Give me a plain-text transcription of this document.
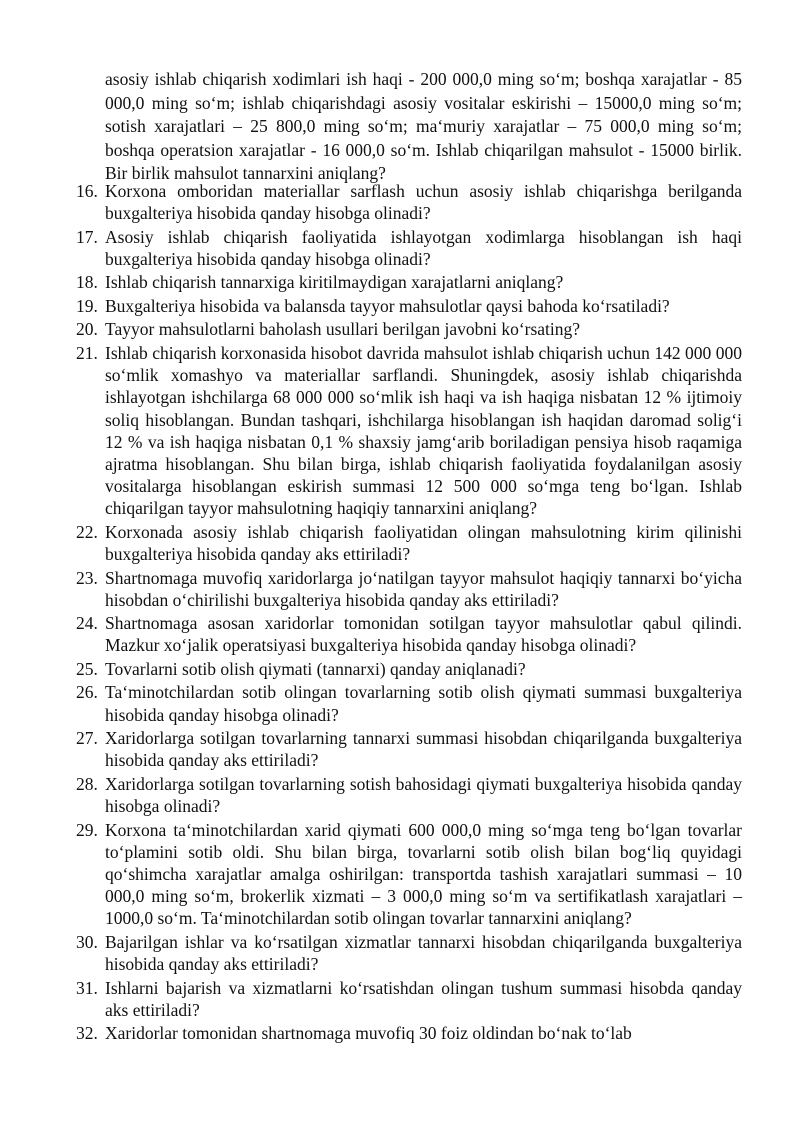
asosiy ishlab chiqarish xodimlari ish haqi - 200 000,0 ming so‘m; boshqa xarajatlar - 85 000,0 ming so‘m; ishlab chiqarishdagi asosiy vositalar eskirishi – 15000,0 ming so‘m; sotish xarajatlari – 25 800,0 ming so‘m; ma‘muriy xarajatlar – 75 000,0 ming so‘m; boshqa operatsion xarajatlar - 16 000,0 so‘m. Ishlab chiqarilgan mahsulot - 15000 birlik. Bir birlik mahsulot tannarxini aniqlang?

16. Korxona omboridan materiallar sarflash uchun asosiy ishlab chiqarishga berilganda buxgalteriya hisobida qanday hisobga olinadi?
17. Asosiy ishlab chiqarish faoliyatida ishlayotgan xodimlarga hisoblangan ish haqi buxgalteriya hisobida qanday hisobga olinadi?
18. Ishlab chiqarish tannarxiga kiritilmaydigan xarajatlarni aniqlang?
19. Buxgalteriya hisobida va balansda tayyor mahsulotlar qaysi bahoda ko‘rsatiladi?
20. Tayyor mahsulotlarni baholash usullari berilgan javobni ko‘rsating?
21. Ishlab chiqarish korxonasida hisobot davrida mahsulot ishlab chiqarish uchun 142 000 000 so‘mlik xomashyo va materiallar sarflandi. Shuningdek, asosiy ishlab chiqarishda ishlayotgan ishchilarga 68 000 000 so‘mlik ish haqi va ish haqiga nisbatan 12 % ijtimoiy soliq hisoblangan. Bundan tashqari, ishchilarga hisoblangan ish haqidan daromad solig‘i 12 % va ish haqiga nisbatan 0,1 % shaxsiy jamg‘arib boriladigan pensiya hisob raqamiga ajratma hisoblangan. Shu bilan birga, ishlab chiqarish faoliyatida foydalanilgan asosiy vositalarga hisoblangan eskirish summasi 12 500 000 so‘mga teng bo‘lgan. Ishlab chiqarilgan tayyor mahsulotning haqiqiy tannarxini aniqlang?
22. Korxonada asosiy ishlab chiqarish faoliyatidan olingan mahsulotning kirim qilinishi buxgalteriya hisobida qanday aks ettiriladi?
23. Shartnomaga muvofiq xaridorlarga jo‘natilgan tayyor mahsulot haqiqiy tannarxi bo‘yicha hisobdan o‘chirilishi buxgalteriya hisobida qanday aks ettiriladi?
24. Shartnomaga asosan xaridorlar tomonidan sotilgan tayyor mahsulotlar qabul qilindi. Mazkur xo‘jalik operatsiyasi buxgalteriya hisobida qanday hisobga olinadi?
25. Tovarlarni sotib olish qiymati (tannarxi) qanday aniqlanadi?
26. Ta‘minotchilardan sotib olingan tovarlarning sotib olish qiymati summasi buxgalteriya hisobida qanday hisobga olinadi?
27. Xaridorlarga sotilgan tovarlarning tannarxi summasi hisobdan chiqarilganda buxgalteriya hisobida qanday aks ettiriladi?
28. Xaridorlarga sotilgan tovarlarning sotish bahosidagi qiymati buxgalteriya hisobida qanday hisobga olinadi?
29. Korxona ta‘minotchilardan xarid qiymati 600 000,0 ming so‘mga teng bo‘lgan tovarlar to‘plamini sotib oldi. Shu bilan birga, tovarlarni sotib olish bilan bog‘liq quyidagi qo‘shimcha xarajatlar amalga oshirilgan: transportda tashish xarajatlari summasi – 10 000,0 ming so‘m, brokerlik xizmati – 3 000,0 ming so‘m va sertifikatlash xarajatlari – 1000,0 so‘m. Ta‘minotchilardan sotib olingan tovarlar tannarxini aniqlang?
30. Bajarilgan ishlar va ko‘rsatilgan xizmatlar tannarxi hisobdan chiqarilganda buxgalteriya hisobida qanday aks ettiriladi?
31. Ishlarni bajarish va xizmatlarni ko‘rsatishdan olingan tushum summasi hisobda qanday aks ettiriladi?
32. Xaridorlar tomonidan shartnomaga muvofiq 30 foiz oldindan bo‘nak to‘lab
